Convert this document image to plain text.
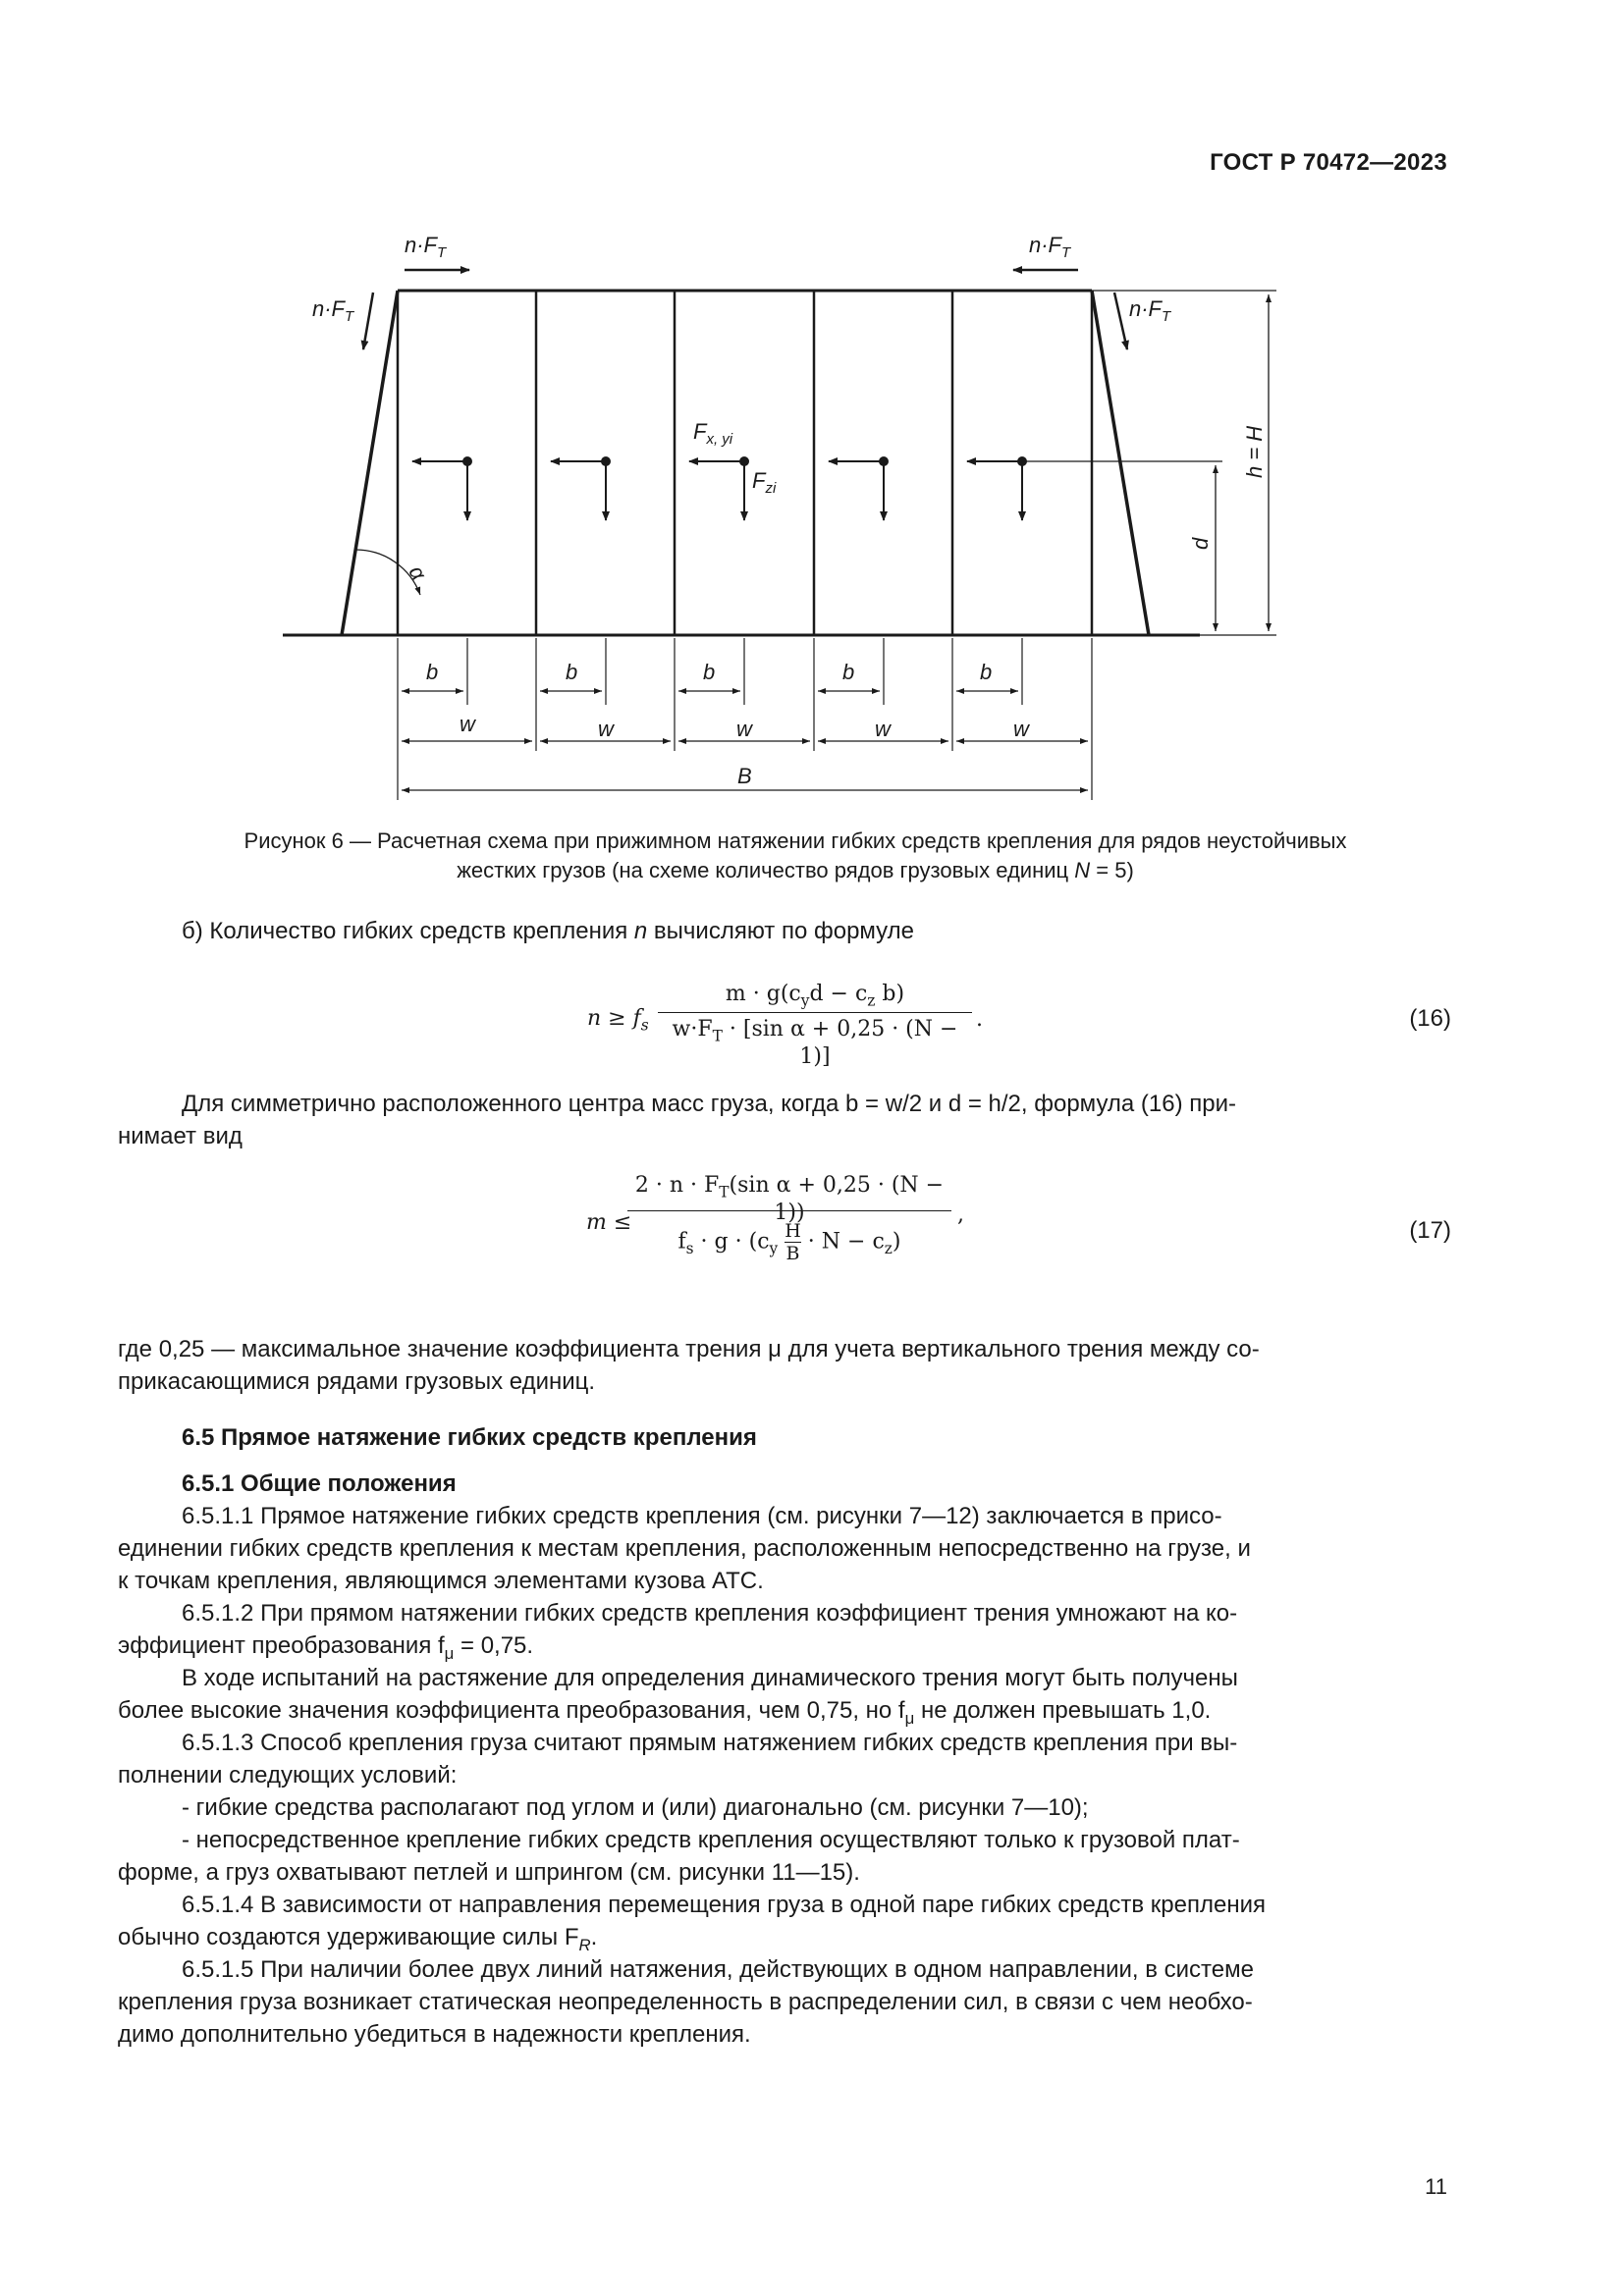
ГОСТ Р 70472—2023
$n\cdot F_T$	$n\cdot F_T$
$n\cdot F_T$	$n\cdot F_T$
$F_{x, yi}$
$F_{zi}$
α
d
h = H
b	b	b	b	b
w	w	w	w	w
B
Рисунок 6 — Расчетная схема при прижимном натяжении гибких средств крепления для рядов неустойчивых
жестких грузов (на схеме количество рядов грузовых единиц N = 5)
б) Количество гибких средств крепления n вычисляют по формуле
$n \ge f_s$
$m \cdot g(c_yd - c_z$ b)
$w\cdot F_T \cdot [\sin$ α + 0,25 · (N − 1)]
.	(16)
Для симметрично расположенного центра масс груза, когда b = w/2 и d = h/2, формула (16) при-
нимает вид
m ≤
$2 \cdot n \cdot F_T(\sin$ α + 0,25 · (N − 1))
$f_s \cdot g \cdot (c_y \frac{H}{B} \cdot N - c_z)$
,
(17)
где 0,25 — максимальное значение коэффициента трения μ для учета вертикального трения между со-
прикасающимися рядами грузовых единиц.
6.5 Прямое натяжение гибких средств крепления
6.5.1 Общие положения
6.5.1.1 Прямое натяжение гибких средств крепления (см. рисунки 7—12) заключается в присо-
единении гибких средств крепления к местам крепления, расположенным непосредственно на грузе, и
к точкам крепления, являющимся элементами кузова АТС.
6.5.1.2 При прямом натяжении гибких средств крепления коэффициент трения умножают на ко-
эффициент преобразования $f_\mu = 0,75$.
В ходе испытаний на растяжение для определения динамического трения могут быть получены
более высокие значения коэффициента преобразования, чем 0,75, но $f_\mu$ не должен превышать 1,0.
6.5.1.3 Способ крепления груза считают прямым натяжением гибких средств крепления при вы-
полнении следующих условий:
- гибкие средства располагают под углом и (или) диагонально (см. рисунки 7—10);
- непосредственное крепление гибких средств крепления осуществляют только к грузовой плат-
форме, а груз охватывают петлей и шпрингом (см. рисунки 11—15).
6.5.1.4 В зависимости от направления перемещения груза в одной паре гибких средств крепления
обычно создаются удерживающие силы $F_R$.
6.5.1.5 При наличии более двух линий натяжения, действующих в одном направлении, в системе
крепления груза возникает статическая неопределенность в распределении сил, в связи с чем необхо-
димо дополнительно убедиться в надежности крепления.
11
